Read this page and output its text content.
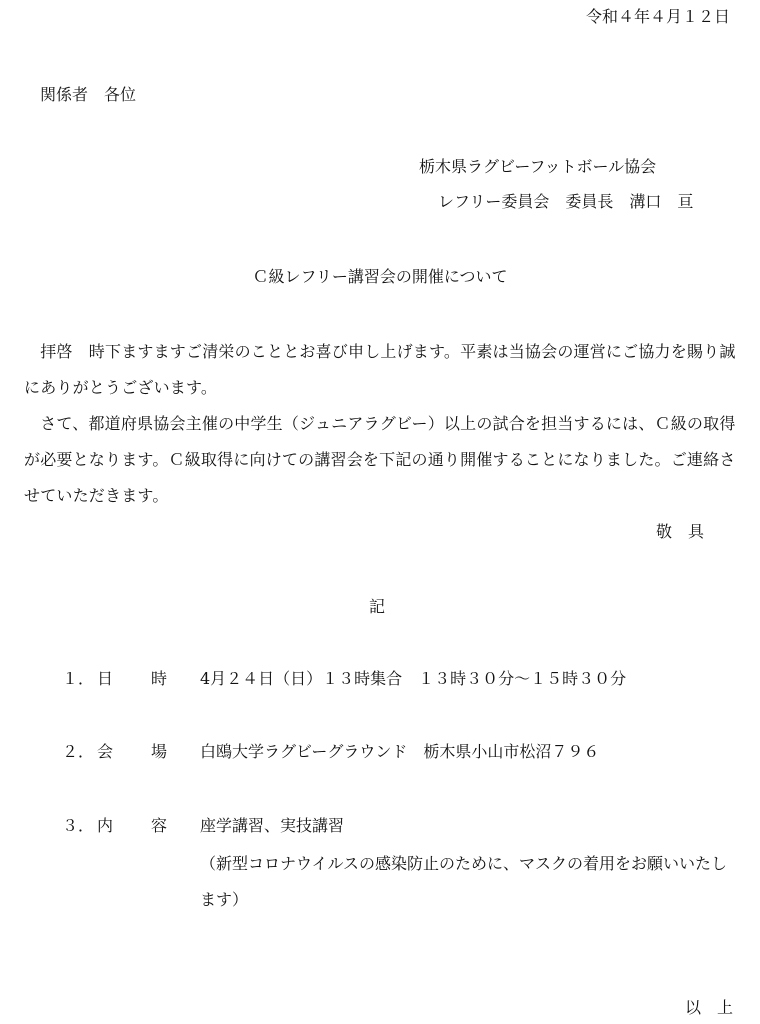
令和４年４月１２日
関係者　各位
栃木県ラグビーフットボール協会
レフリー委員会　委員長　溝口　亘
Ｃ級レフリー講習会の開催について
　拝啓　時下ますますご清栄のこととお喜び申し上げます。平素は当協会の運営にご協力を賜り誠にありがとうございます。
　さて、都道府県協会主催の中学生（ジュニアラグビー）以上の試合を担当するには、Ｃ級の取得が必要となります。Ｃ級取得に向けての講習会を下記の通り開催することになりました。ご連絡させていただきます。
敬　具
記
１． 日 時 4月２４日（日）１３時集合　１３時３０分～１５時３０分
２． 会 場 白鴎大学ラグビーグラウンド　栃木県小山市松沼７９６
３． 内 容 座学講習、実技講習
（新型コロナウイルスの感染防止のために、マスクの着用をお願いいたします）
以　上
